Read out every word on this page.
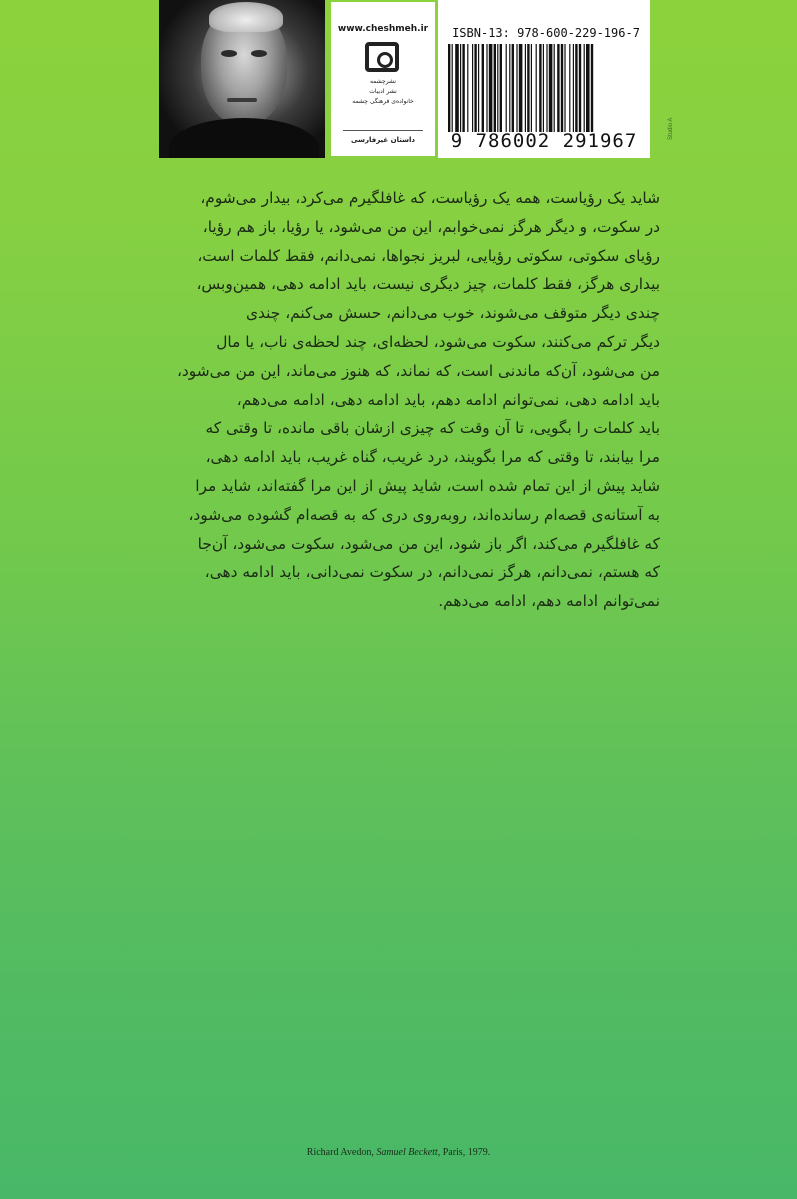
www.cheshmeh.ir
نشرچشمه
نشر ادبیات
خانواده‌ی فرهنگی چشمه
داستان غیرفارسی
ISBN-13: 978-600-229-196-7
9 786002 291967
Studio A
شاید یک رؤیاست، همه یک رؤیاست، که غافلگیرم می‌کرد، بیدار می‌شوم،
در سکوت، و دیگر هرگز نمی‌خوابم، این من می‌شود، یا رؤیا، باز هم رؤیا،
رؤیای سکوتی، سکوتی رؤیایی، لبریز نجواها، نمی‌دانم، فقط کلمات است،
بیداری هرگز، فقط کلمات، چیز دیگری نیست، باید ادامه دهی، همین‌وبس،
چندی دیگر متوقف می‌شوند، خوب می‌دانم، حسش می‌کنم، چندی
دیگر ترکم می‌کنند، سکوت می‌شود، لحظه‌ای، چند لحظه‌ی ناب، یا مال
من می‌شود، آن‌که ماندنی است، که نماند، که هنوز می‌ماند، این من می‌شود،
باید ادامه دهی، نمی‌توانم ادامه دهم، باید ادامه دهی، ادامه می‌دهم،
باید کلمات را بگویی، تا آن وقت که چیزی ازشان باقی مانده، تا وقتی که
مرا بیابند، تا وقتی که مرا بگویند، درد غریب، گناه غریب، باید ادامه دهی،
شاید پیش از این تمام شده است، شاید پیش از این مرا گفته‌اند، شاید مرا
به آستانه‌ی قصه‌ام رسانده‌اند، روبه‌روی دری که به قصه‌ام گشوده می‌شود،
که غافلگیرم می‌کند، اگر باز شود، این من می‌شود، سکوت می‌شود، آن‌جا
که هستم، نمی‌دانم، هرگز نمی‌دانم، در سکوت نمی‌دانی، باید ادامه دهی،
نمی‌توانم ادامه دهم، ادامه می‌دهم.
Richard Avedon, Samuel Beckett, Paris, 1979.
